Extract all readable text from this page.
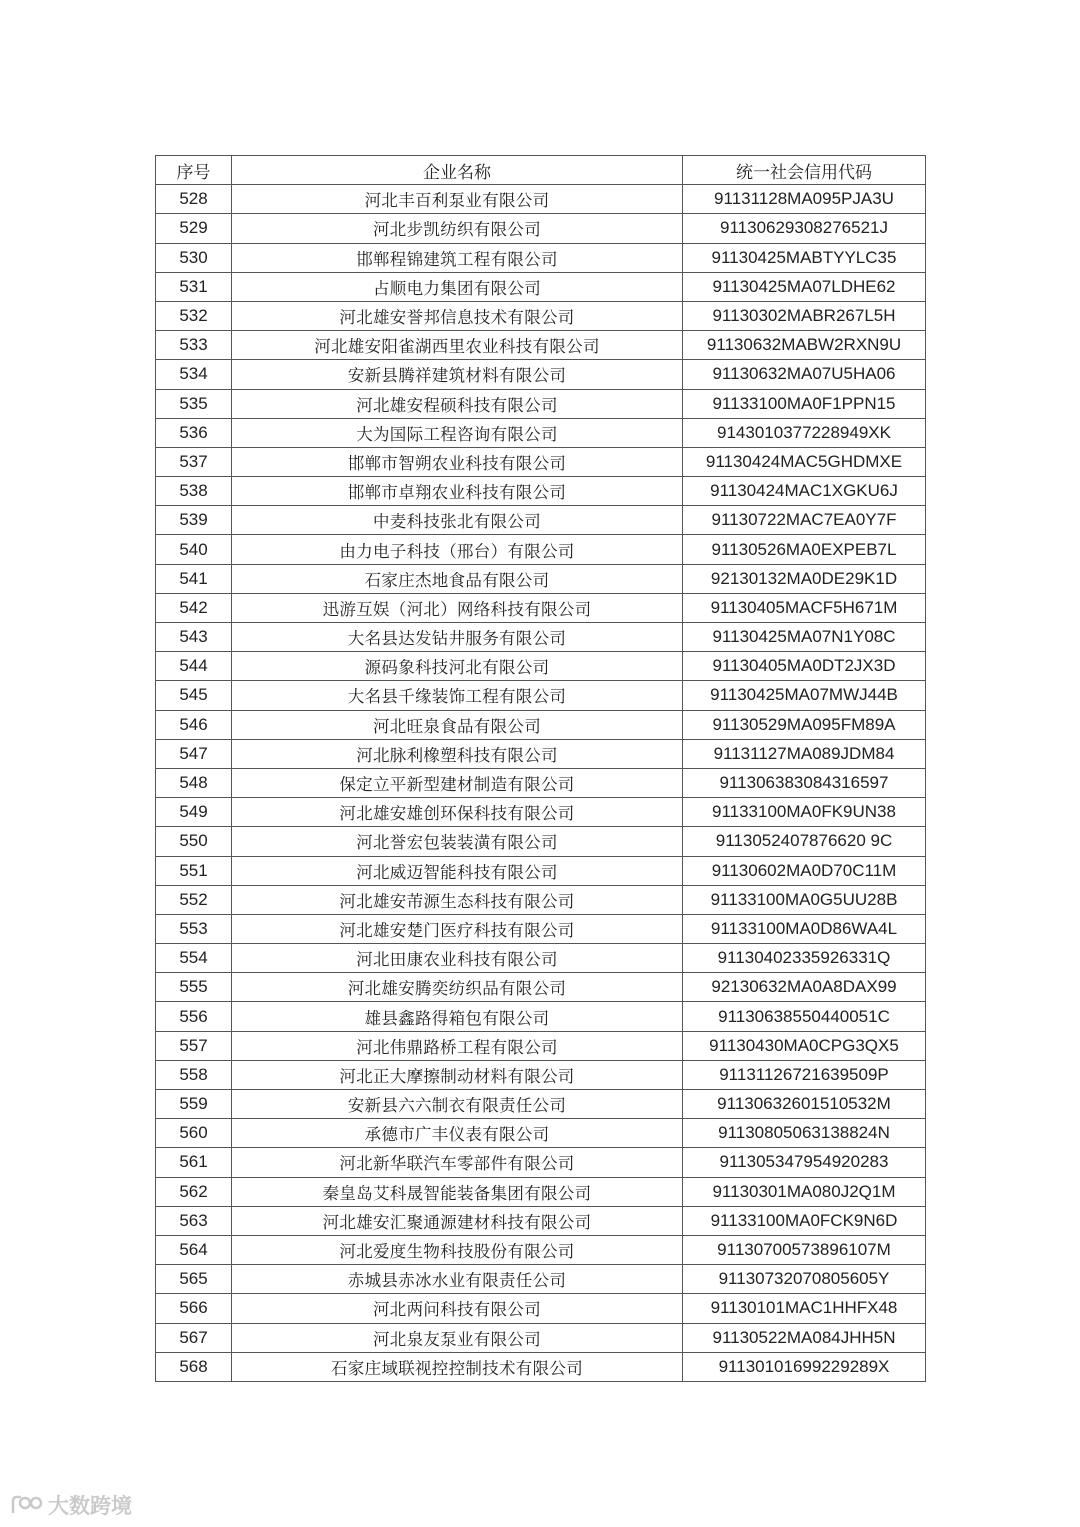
序号	企业名称	统一社会信用代码
528	河北丰百利泵业有限公司	91131128MA095PJA3U
529	河北步凯纺织有限公司	91130629308276521J
530	邯郸程锦建筑工程有限公司	91130425MABTYYLC35
531	占顺电力集团有限公司	91130425MA07LDHE62
532	河北雄安誉邦信息技术有限公司	91130302MABR267L5H
533	河北雄安阳雀湖西里农业科技有限公司	91130632MABW2RXN9U
534	安新县腾祥建筑材料有限公司	91130632MA07U5HA06
535	河北雄安程硕科技有限公司	91133100MA0F1PPN15
536	大为国际工程咨询有限公司	9143010377228949XK
537	邯郸市智朔农业科技有限公司	91130424MAC5GHDMXE
538	邯郸市卓翔农业科技有限公司	91130424MAC1XGKU6J
539	中麦科技张北有限公司	91130722MAC7EA0Y7F
540	由力电子科技（邢台）有限公司	91130526MA0EXPEB7L
541	石家庄杰地食品有限公司	92130132MA0DE29K1D
542	迅游互娱（河北）网络科技有限公司	91130405MACF5H671M
543	大名县达发钻井服务有限公司	91130425MA07N1Y08C
544	源码象科技河北有限公司	91130405MA0DT2JX3D
545	大名县千缘装饰工程有限公司	91130425MA07MWJ44B
546	河北旺泉食品有限公司	91130529MA095FM89A
547	河北脉利橡塑科技有限公司	91131127MA089JDM84
548	保定立平新型建材制造有限公司	911306383084316597
549	河北雄安雄创环保科技有限公司	91133100MA0FK9UN38
550	河北誉宏包装装潢有限公司	9113052407876620 9C
551	河北威迈智能科技有限公司	91130602MA0D70C11M
552	河北雄安芾源生态科技有限公司	91133100MA0G5UU28B
553	河北雄安楚门医疗科技有限公司	91133100MA0D86WA4L
554	河北田康农业科技有限公司	91130402335926331Q
555	河北雄安腾奕纺织品有限公司	92130632MA0A8DAX99
556	雄县鑫路得箱包有限公司	91130638550440051C
557	河北伟鼎路桥工程有限公司	91130430MA0CPG3QX5
558	河北正大摩擦制动材料有限公司	91131126721639509P
559	安新县六六制衣有限责任公司	91130632601510532M
560	承德市广丰仪表有限公司	91130805063138824N
561	河北新华联汽车零部件有限公司	911305347954920283
562	秦皇岛艾科晟智能装备集团有限公司	91130301MA080J2Q1M
563	河北雄安汇聚通源建材科技有限公司	91133100MA0FCK9N6D
564	河北爱度生物科技股份有限公司	91130700573896107M
565	赤城县赤冰水业有限责任公司	91130732070805605Y
566	河北两问科技有限公司	91130101MAC1HHFX48
567	河北泉友泵业有限公司	91130522MA084JHH5N
568	石家庄域联视控控制技术有限公司	91130101699229289X
大数跨境
